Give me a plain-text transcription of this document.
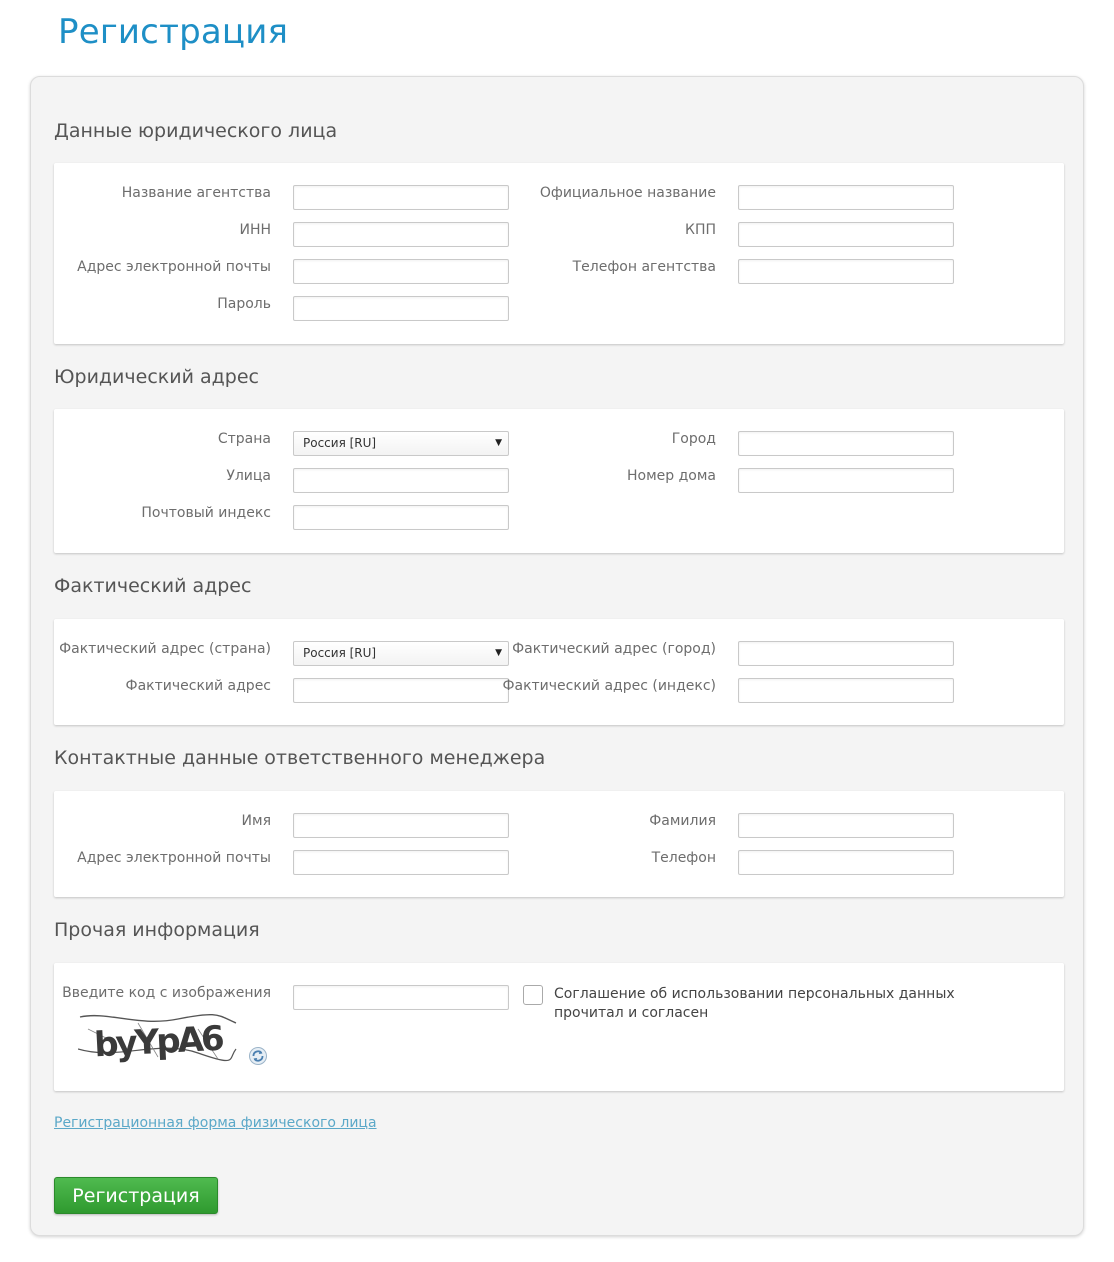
Регистрация
Данные юридического лица
Название агентства	Официальное название
ИНН	КПП
Адрес электронной почты	Телефон агентства
Пароль
Юридический адрес
Страна	Россия [RU]	▼	Город
Улица	Номер дома
Почтовый индекс
Фактический адрес
Фактический адрес (страна)	Россия [RU]	▼ Фактический адрес (город)
Фактический адрес	Фактический адрес (индекс)
Контактные данные ответственного менеджера
Имя	Фамилия
Адрес электронной почты	Телефон
Прочая информация
Введите код с изображения
byYpA6
Соглашение об использовании персональных данных прочитал и согласен
Регистрационная форма физического лица
Регистрация
